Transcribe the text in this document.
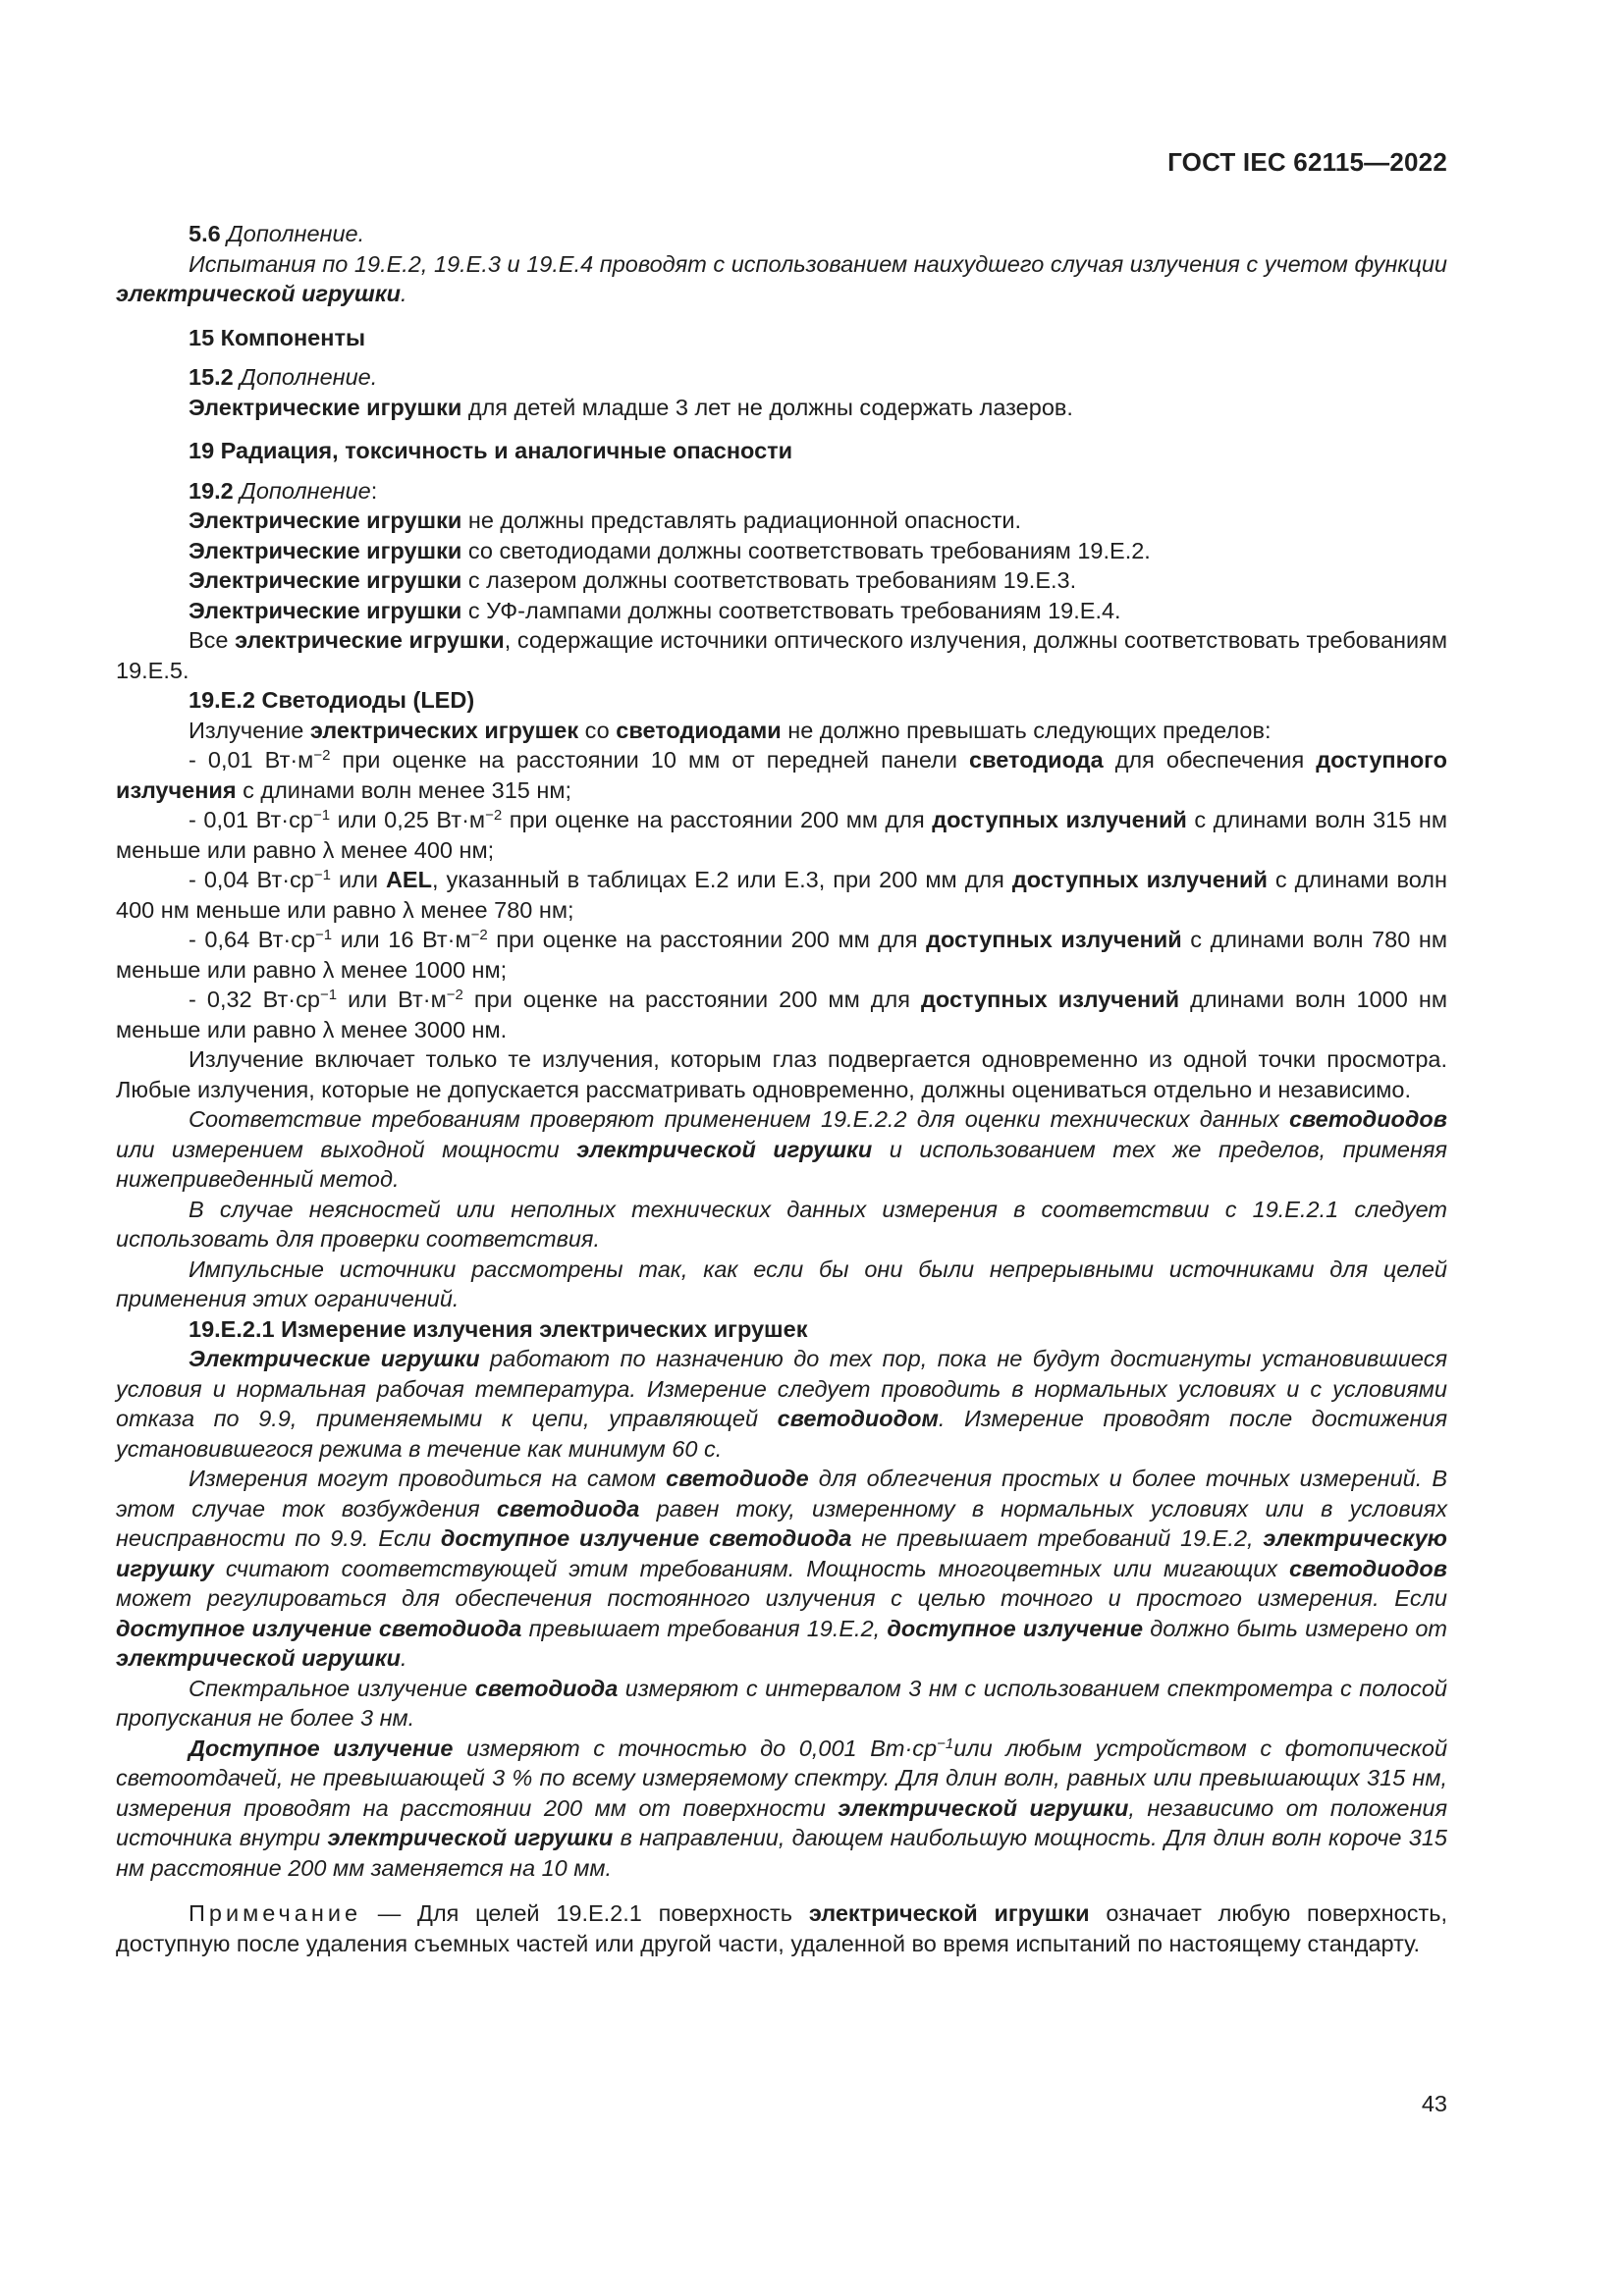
ГОСТ IEC 62115—2022

5.6 Дополнение.

Испытания по 19.Е.2, 19.Е.3 и 19.Е.4 проводят с использованием наихудшего случая излучения с учетом функции электрической игрушки.

15 Компоненты

15.2 Дополнение.

Электрические игрушки для детей младше 3 лет не должны содержать лазеров.

19 Радиация, токсичность и аналогичные опасности

19.2 Дополнение:

Электрические игрушки не должны представлять радиационной опасности.

Электрические игрушки со светодиодами должны соответствовать требованиям 19.Е.2.

Электрические игрушки с лазером должны соответствовать требованиям 19.Е.3.

Электрические игрушки с УФ-лампами должны соответствовать требованиям 19.Е.4.

Все электрические игрушки, содержащие источники оптического излучения, должны соответствовать требованиям 19.Е.5.

19.Е.2 Светодиоды (LED)

Излучение электрических игрушек со светодиодами не должно превышать следующих пределов:

- 0,01 $Вт\cdot м^{-2}$ при оценке на расстоянии 10 мм от передней панели светодиода для обеспечения доступного излучения с длинами волн менее 315 нм;

- 0,01 $Вт\cdot ср^{-1}$ или 0,25 $Вт\cdot м^{-2}$ при оценке на расстоянии 200 мм для доступных излучений с длинами волн 315 нм меньше или равно λ менее 400 нм;

- 0,04 $Вт\cdot ср^{-1}$ или AEL, указанный в таблицах Е.2 или Е.3, при 200 мм для доступных излучений с длинами волн 400 нм меньше или равно λ менее 780 нм;

- 0,64 $Вт\cdot ср^{-1}$ или 16 $Вт\cdot м^{-2}$ при оценке на расстоянии 200 мм для доступных излучений с длинами волн 780 нм меньше или равно λ менее 1000 нм;

- 0,32 $Вт\cdot ср^{-1}$ или $Вт\cdot м^{-2}$ при оценке на расстоянии 200 мм для доступных излучений длинами волн 1000 нм меньше или равно λ менее 3000 нм.

Излучение включает только те излучения, которым глаз подвергается одновременно из одной точки просмотра. Любые излучения, которые не допускается рассматривать одновременно, должны оцениваться отдельно и независимо.

Соответствие требованиям проверяют применением 19.Е.2.2 для оценки технических данных светодиодов или измерением выходной мощности электрической игрушки и использованием тех же пределов, применяя нижеприведенный метод.

В случае неясностей или неполных технических данных измерения в соответствии с 19.Е.2.1 следует использовать для проверки соответствия.

Импульсные источники рассмотрены так, как если бы они были непрерывными источниками для целей применения этих ограничений.

19.Е.2.1 Измерение излучения электрических игрушек

Электрические игрушки работают по назначению до тех пор, пока не будут достигнуты установившиеся условия и нормальная рабочая температура. Измерение следует проводить в нормальных условиях и с условиями отказа по 9.9, применяемыми к цепи, управляющей светодиодом. Измерение проводят после достижения установившегося режима в течение как минимум 60 с.

Измерения могут проводиться на самом светодиоде для облегчения простых и более точных измерений. В этом случае ток возбуждения светодиода равен току, измеренному в нормальных условиях или в условиях неисправности по 9.9. Если доступное излучение светодиода не превышает требований 19.Е.2, электрическую игрушку считают соответствующей этим требованиям. Мощность многоцветных или мигающих светодиодов может регулироваться для обеспечения постоянного излучения с целью точного и простого измерения. Если доступное излучение светодиода превышает требования 19.Е.2, доступное излучение должно быть измерено от электрической игрушки.

Спектральное излучение светодиода измеряют с интервалом 3 нм с использованием спектрометра с полосой пропускания не более 3 нм.

Доступное излучение измеряют с точностью до 0,001 $Вт\cdot ср^{-1}или$ любым устройством с фотопической светоотдачей, не превышающей 3 % по всему измеряемому спектру. Для длин волн, равных или превышающих 315 нм, измерения проводят на расстоянии 200 мм от поверхности электрической игрушки, независимо от положения источника внутри электрической игрушки в направлении, дающем наибольшую мощность. Для длин волн короче 315 нм расстояние 200 мм заменяется на 10 мм.

Примечание — Для целей 19.Е.2.1 поверхность электрической игрушки означает любую поверхность, доступную после удаления съемных частей или другой части, удаленной во время испытаний по настоящему стандарту.

43
